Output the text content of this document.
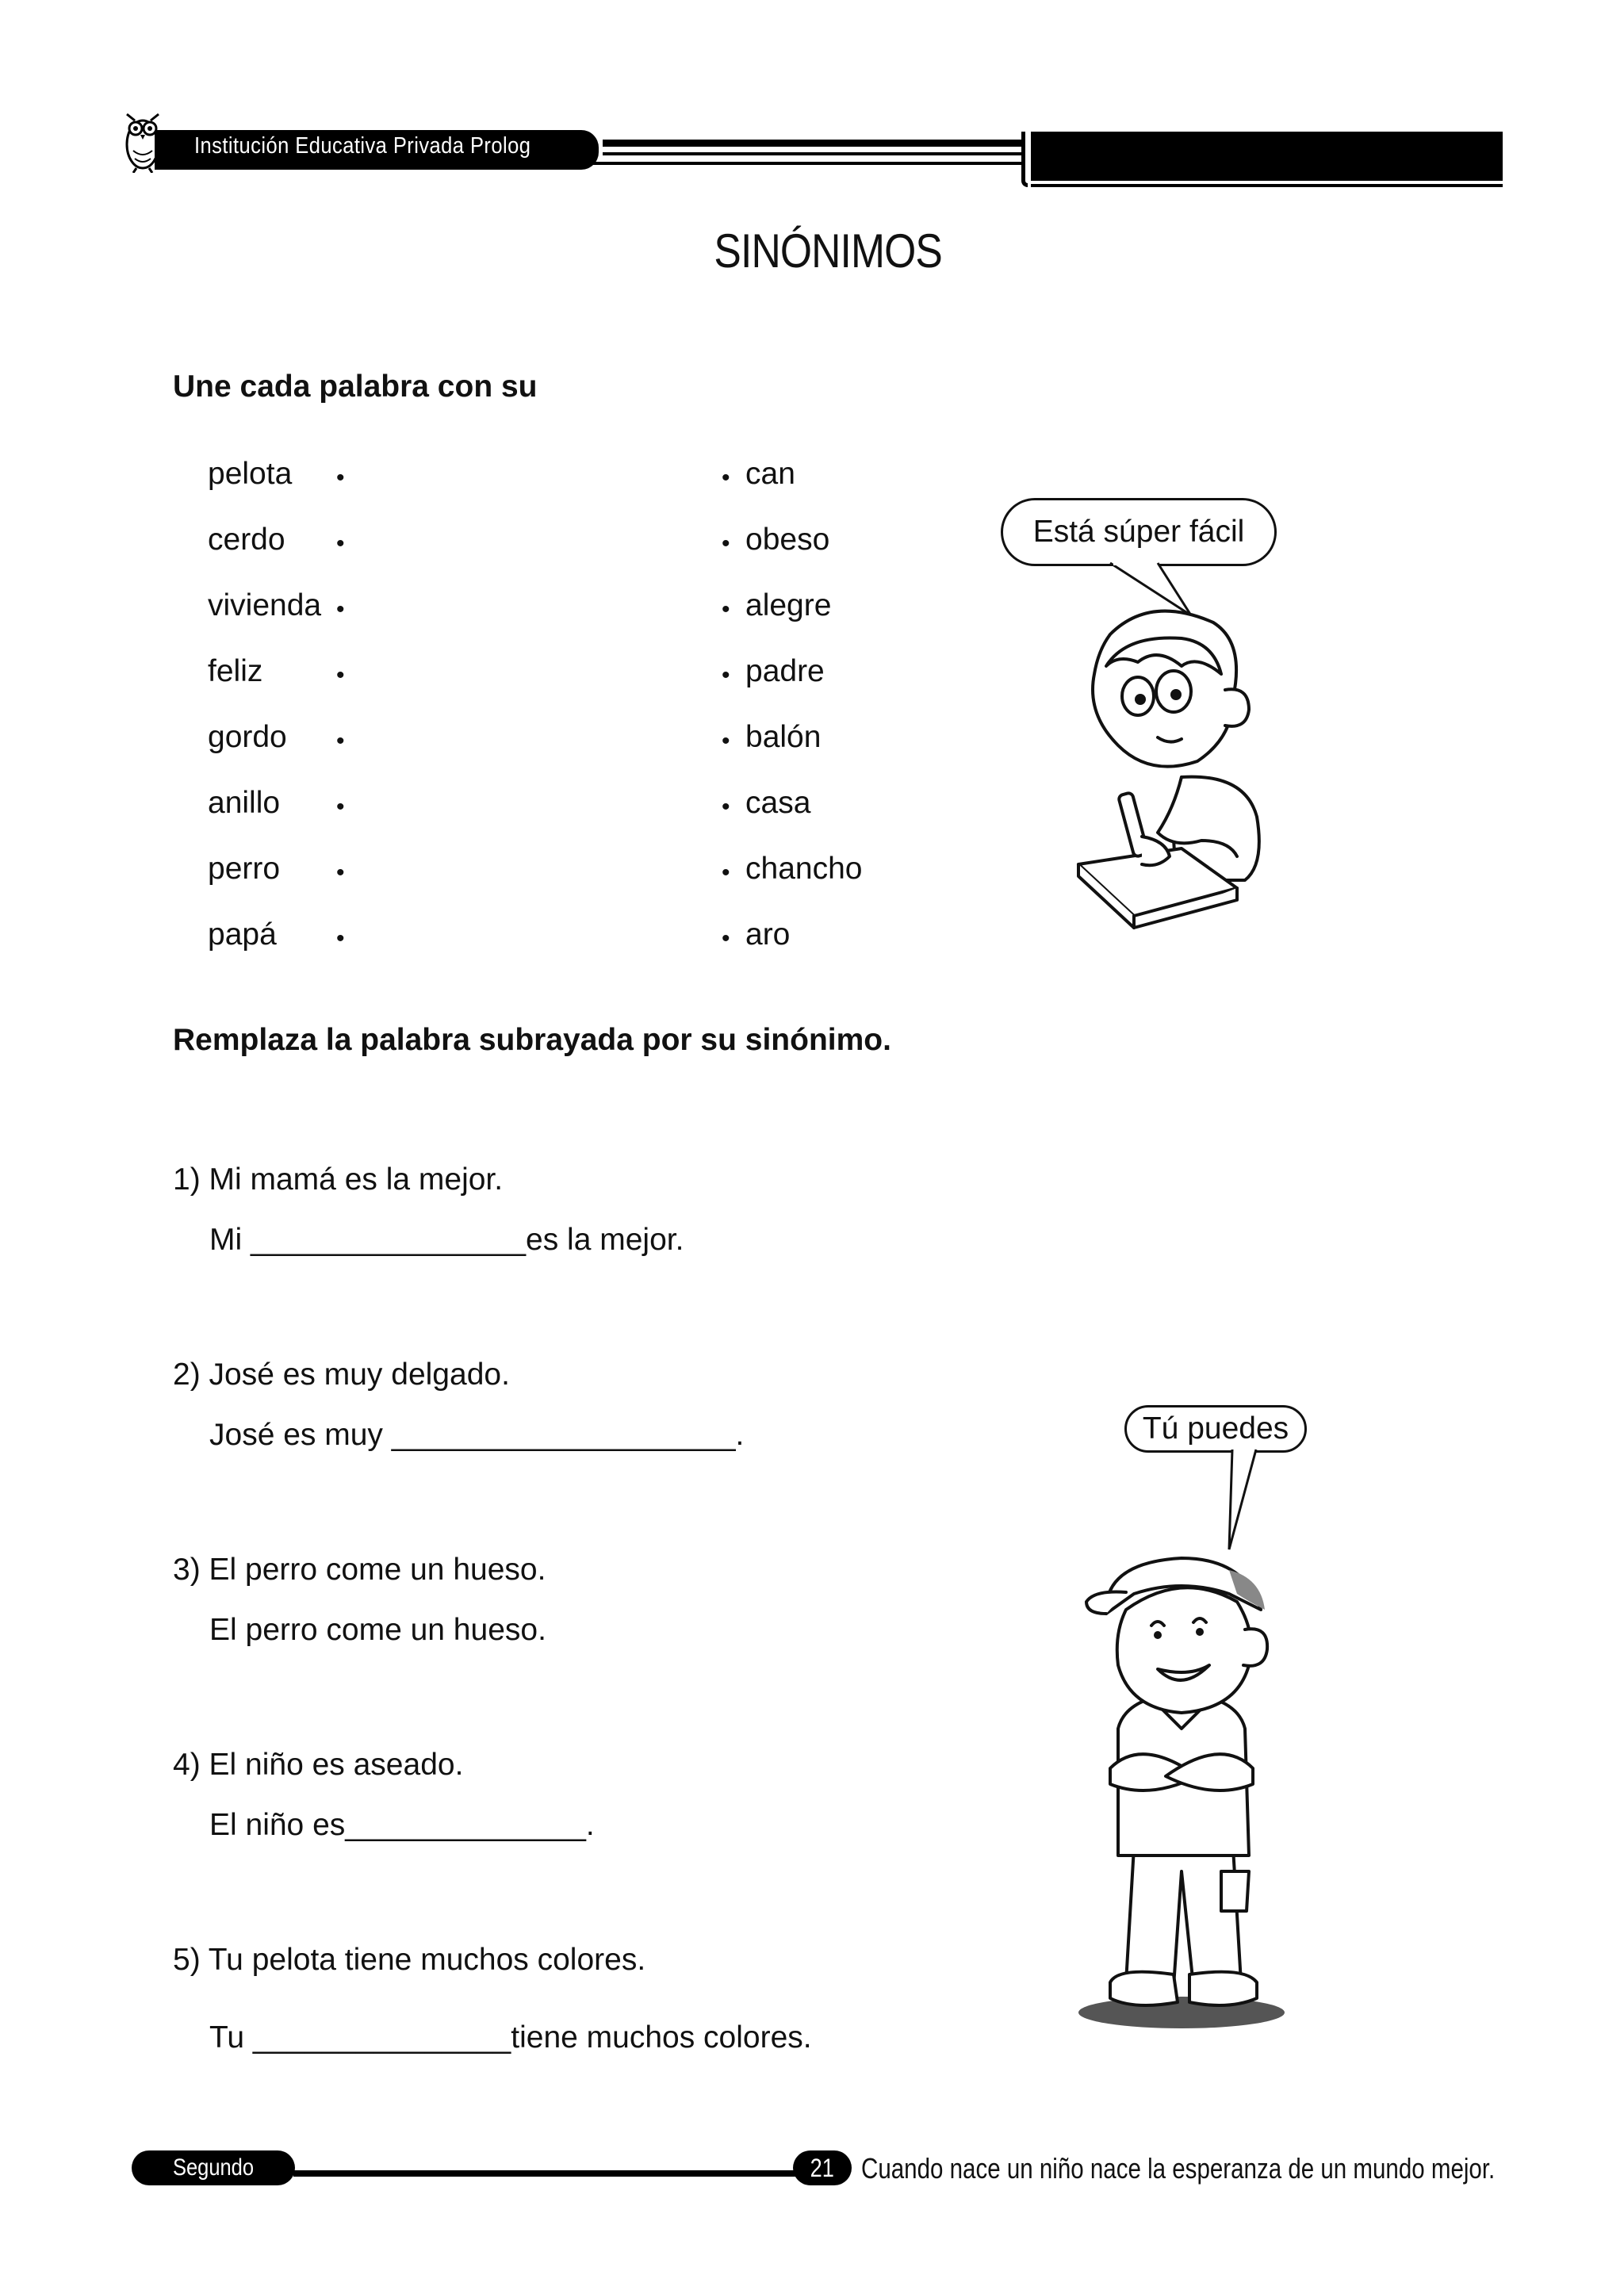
Institución Educativa Privada Prolog
SINÓNIMOS
Une cada palabra con su
pelota
cerdo
vivienda
feliz
gordo
anillo
perro
papá
•
•
•
•
•
•
•
•
•
•
•
•
•
•
•
•
can
obeso
alegre
padre
balón
casa
chancho
aro
Está súper fácil
Remplaza la palabra subrayada por su sinónimo.
1) Mi mamá es la mejor.
Mi ________________es la mejor.
2) José es muy delgado.
José es muy ____________________.
3) El perro come un hueso.
El perro come un hueso.
4) El niño es aseado.
El niño es______________.
5) Tu pelota tiene muchos colores.
Tu _______________tiene muchos colores.
Tú puedes
Segundo Grado
21 Cuando nace un niño nace la esperanza de un mundo mejor.
